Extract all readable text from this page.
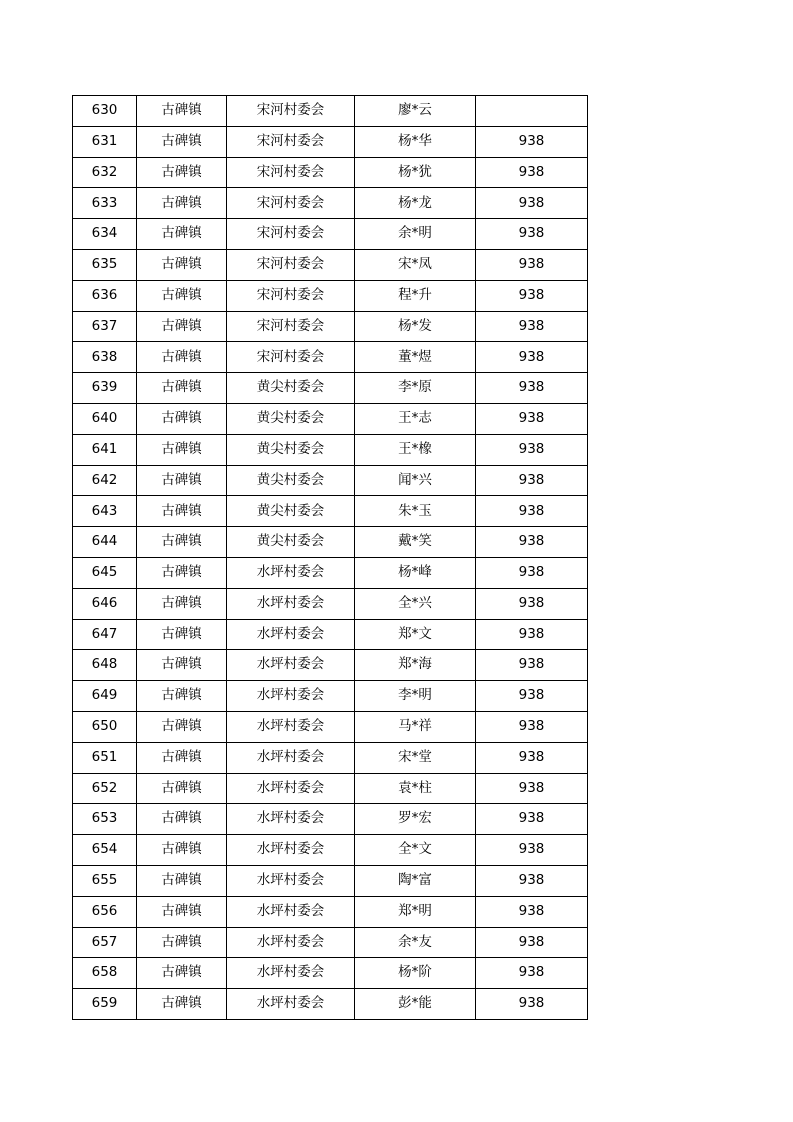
630	古碑镇	宋河村委会	廖*云	
631	古碑镇	宋河村委会	杨*华	938
632	古碑镇	宋河村委会	杨*犹	938
633	古碑镇	宋河村委会	杨*龙	938
634	古碑镇	宋河村委会	余*明	938
635	古碑镇	宋河村委会	宋*凤	938
636	古碑镇	宋河村委会	程*升	938
637	古碑镇	宋河村委会	杨*发	938
638	古碑镇	宋河村委会	董*煜	938
639	古碑镇	黄尖村委会	李*原	938
640	古碑镇	黄尖村委会	王*志	938
641	古碑镇	黄尖村委会	王*橡	938
642	古碑镇	黄尖村委会	闻*兴	938
643	古碑镇	黄尖村委会	朱*玉	938
644	古碑镇	黄尖村委会	戴*笑	938
645	古碑镇	水坪村委会	杨*峰	938
646	古碑镇	水坪村委会	全*兴	938
647	古碑镇	水坪村委会	郑*文	938
648	古碑镇	水坪村委会	郑*海	938
649	古碑镇	水坪村委会	李*明	938
650	古碑镇	水坪村委会	马*祥	938
651	古碑镇	水坪村委会	宋*堂	938
652	古碑镇	水坪村委会	袁*柱	938
653	古碑镇	水坪村委会	罗*宏	938
654	古碑镇	水坪村委会	全*文	938
655	古碑镇	水坪村委会	陶*富	938
656	古碑镇	水坪村委会	郑*明	938
657	古碑镇	水坪村委会	余*友	938
658	古碑镇	水坪村委会	杨*阶	938
659	古碑镇	水坪村委会	彭*能	938
